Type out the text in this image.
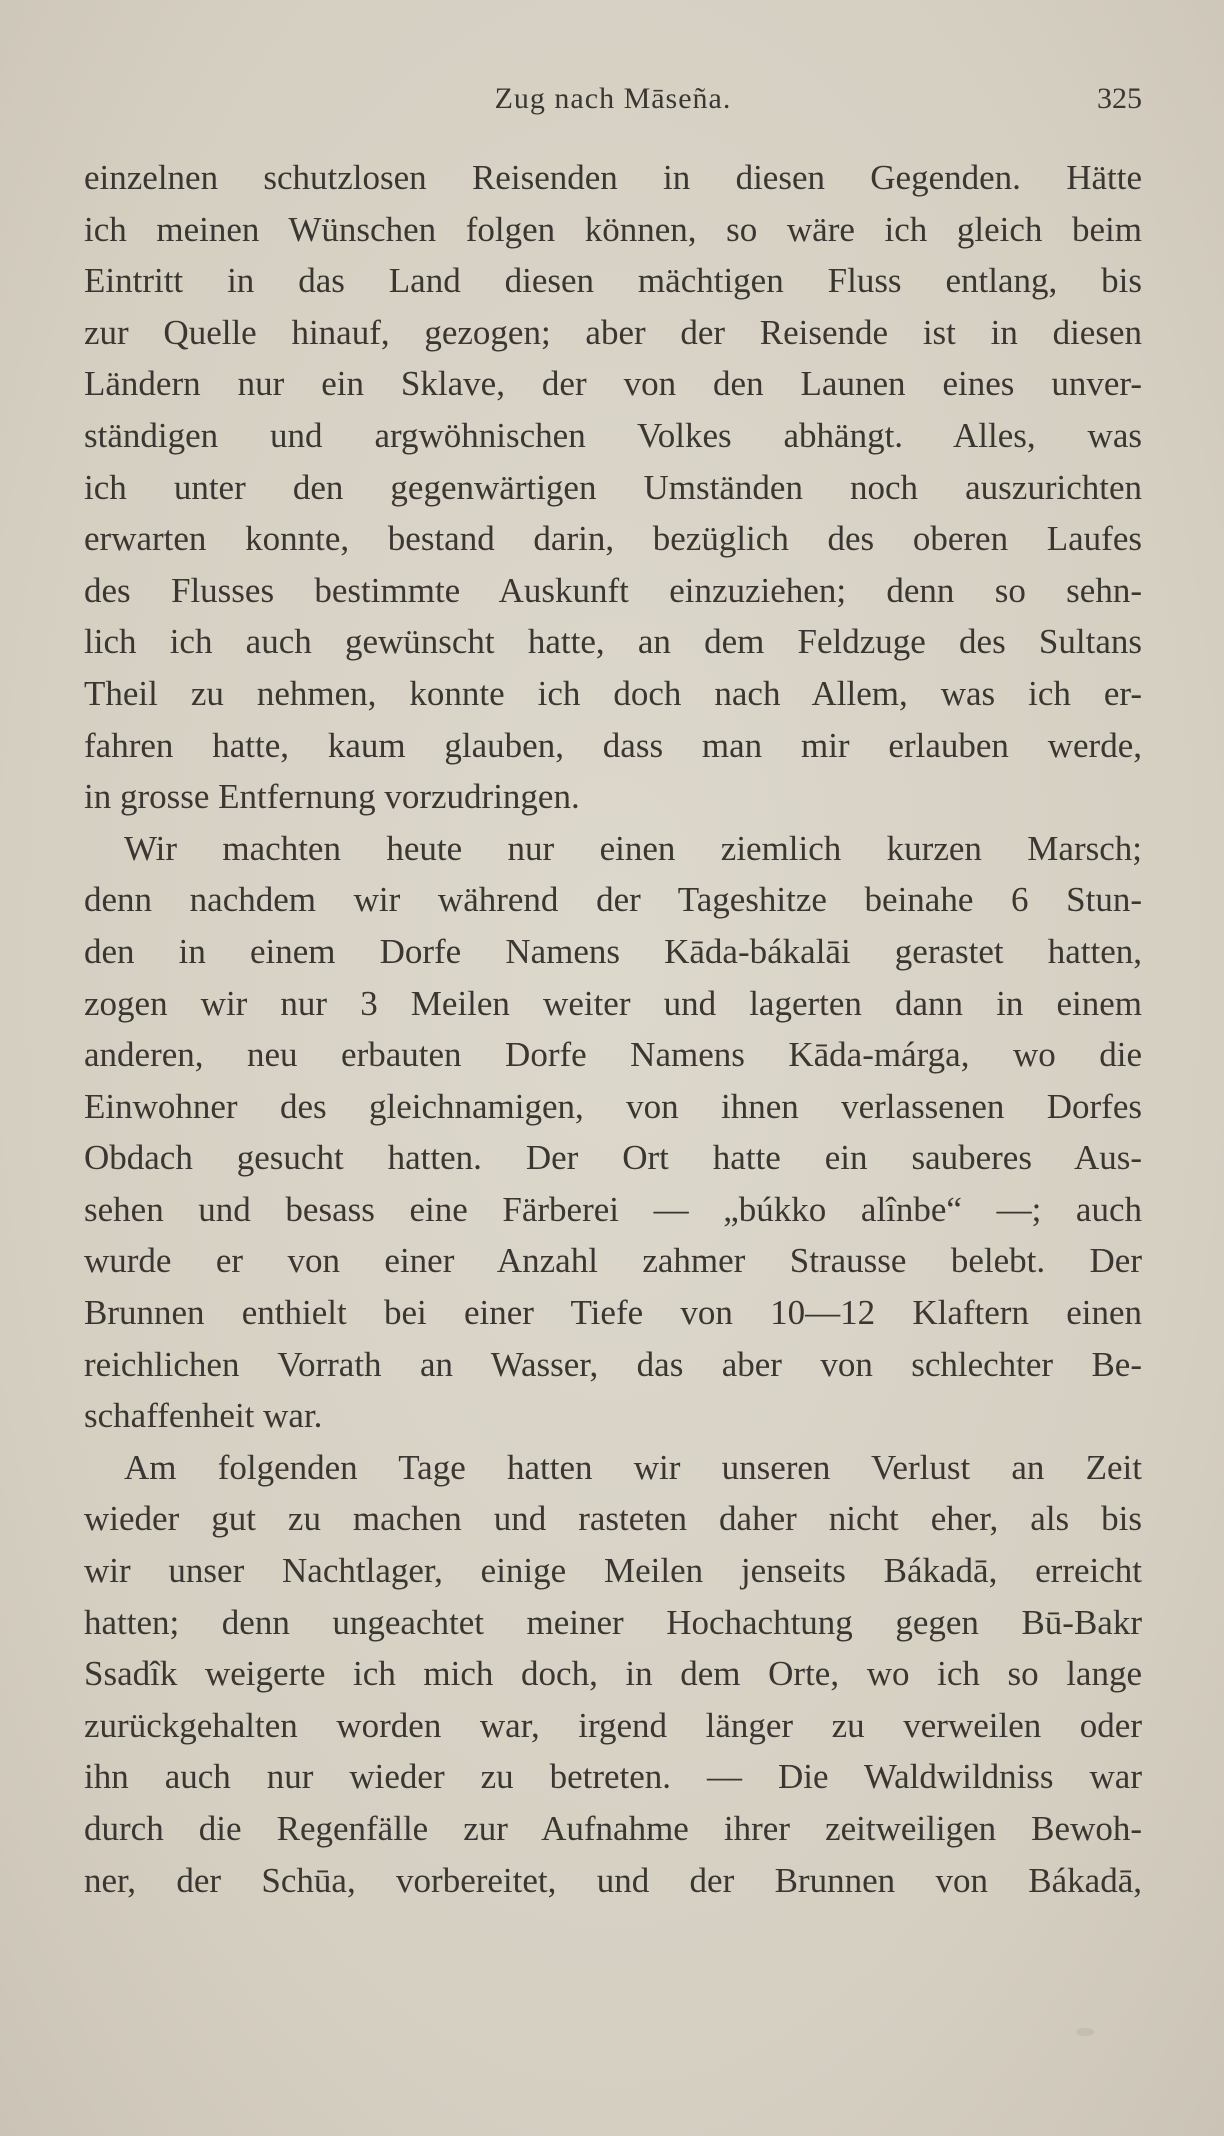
Zug nach Māseña.	325
einzelnen schutzlosen Reisenden in diesen Gegenden. Hätte
ich meinen Wünschen folgen können, so wäre ich gleich beim
Eintritt in das Land diesen mächtigen Fluss entlang, bis
zur Quelle hinauf, gezogen; aber der Reisende ist in diesen
Ländern nur ein Sklave, der von den Launen eines unver-
ständigen und argwöhnischen Volkes abhängt. Alles, was
ich unter den gegenwärtigen Umständen noch auszurichten
erwarten konnte, bestand darin, bezüglich des oberen Laufes
des Flusses bestimmte Auskunft einzuziehen; denn so sehn-
lich ich auch gewünscht hatte, an dem Feldzuge des Sultans
Theil zu nehmen, konnte ich doch nach Allem, was ich er-
fahren hatte, kaum glauben, dass man mir erlauben werde,
in grosse Entfernung vorzudringen.
Wir machten heute nur einen ziemlich kurzen Marsch;
denn nachdem wir während der Tageshitze beinahe 6 Stun-
den in einem Dorfe Namens Kāda-bákalāi gerastet hatten,
zogen wir nur 3 Meilen weiter und lagerten dann in einem
anderen, neu erbauten Dorfe Namens Kāda-márga, wo die
Einwohner des gleichnamigen, von ihnen verlassenen Dorfes
Obdach gesucht hatten. Der Ort hatte ein sauberes Aus-
sehen und besass eine Färberei — „búkko alînbe“ —; auch
wurde er von einer Anzahl zahmer Strausse belebt. Der
Brunnen enthielt bei einer Tiefe von 10—12 Klaftern einen
reichlichen Vorrath an Wasser, das aber von schlechter Be-
schaffenheit war.
Am folgenden Tage hatten wir unseren Verlust an Zeit
wieder gut zu machen und rasteten daher nicht eher, als bis
wir unser Nachtlager, einige Meilen jenseits Bákadā, erreicht
hatten; denn ungeachtet meiner Hochachtung gegen Bū-Bakr
Ssadîk weigerte ich mich doch, in dem Orte, wo ich so lange
zurückgehalten worden war, irgend länger zu verweilen oder
ihn auch nur wieder zu betreten. — Die Waldwildniss war
durch die Regenfälle zur Aufnahme ihrer zeitweiligen Bewoh-
ner, der Schūa, vorbereitet, und der Brunnen von Bákadā,
